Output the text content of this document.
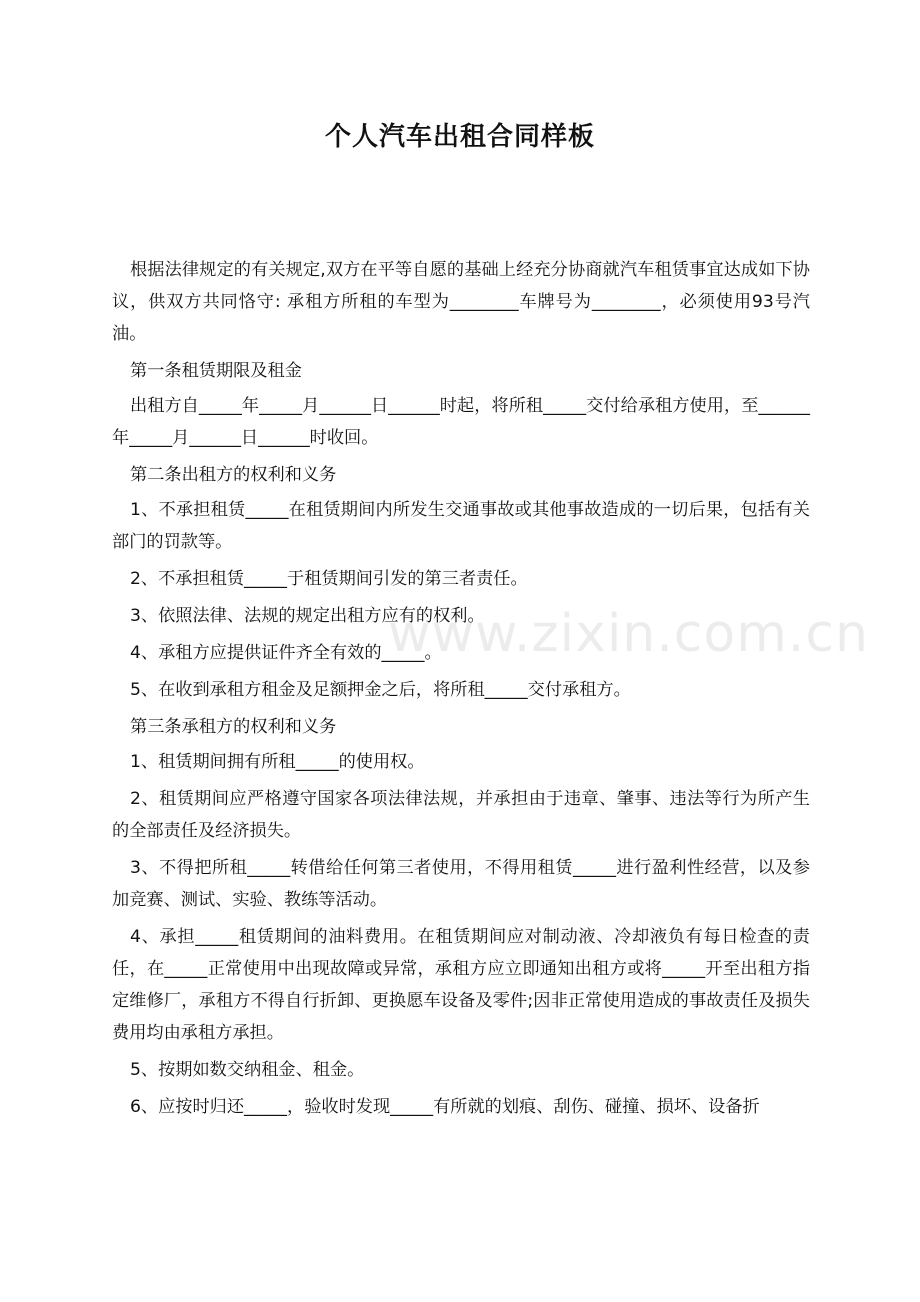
个人汽车出租合同样板
www.zixin.com.cn

根据法律规定的有关规定,双方在平等自愿的基础上经充分协商就汽车租赁事宜达成如下协议，供双方共同恪守: 承租方所租的车型为________车牌号为________，必须使用93号汽油。

第一条租赁期限及租金

出租方自_____年_____月______日______时起，将所租_____交付给承租方使用，至______年_____月______日______时收回。

第二条出租方的权利和义务

1、不承担租赁_____在租赁期间内所发生交通事故或其他事故造成的一切后果，包括有关部门的罚款等。

2、不承担租赁_____于租赁期间引发的第三者责任。

3、依照法律、法规的规定出租方应有的权利。

4、承租方应提供证件齐全有效的_____。

5、在收到承租方租金及足额押金之后，将所租_____交付承租方。

第三条承租方的权利和义务

1、租赁期间拥有所租_____的使用权。

2、租赁期间应严格遵守国家各项法律法规，并承担由于违章、肇事、违法等行为所产生的全部责任及经济损失。

3、不得把所租_____转借给任何第三者使用，不得用租赁_____进行盈利性经营，以及参加竞赛、测试、实验、教练等活动。

4、承担_____租赁期间的油料费用。在租赁期间应对制动液、冷却液负有每日检查的责任，在_____正常使用中出现故障或异常，承租方应立即通知出租方或将_____开至出租方指定维修厂，承租方不得自行折卸、更换愿车设备及零件;因非正常使用造成的事故责任及损失费用均由承租方承担。

5、按期如数交纳租金、租金。

6、应按时归还_____，验收时发现_____有所就的划痕、刮伤、碰撞、损坏、设备折
